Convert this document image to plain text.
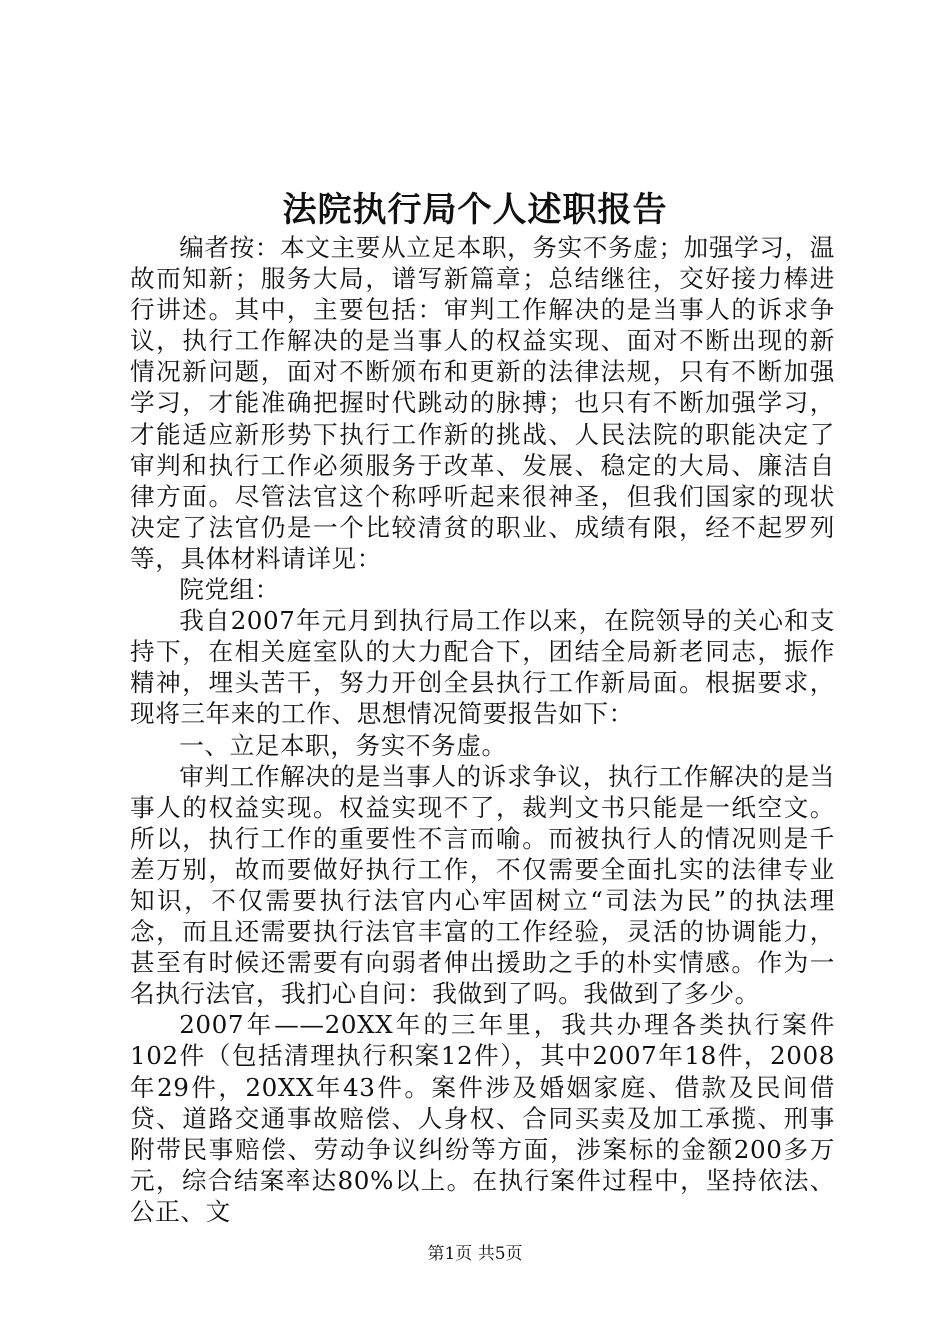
法院执行局个人述职报告

编者按：本文主要从立足本职，务实不务虚；加强学习，温故而知新；服务大局，谱写新篇章；总结继往，交好接力棒进行讲述。其中，主要包括：审判工作解决的是当事人的诉求争议，执行工作解决的是当事人的权益实现、面对不断出现的新情况新问题，面对不断颁布和更新的法律法规，只有不断加强学习，才能准确把握时代跳动的脉搏；也只有不断加强学习，才能适应新形势下执行工作新的挑战、人民法院的职能决定了审判和执行工作必须服务于改革、发展、稳定的大局、廉洁自律方面。尽管法官这个称呼听起来很神圣，但我们国家的现状决定了法官仍是一个比较清贫的职业、成绩有限，经不起罗列等，具体材料请详见：

院党组：

我自2007年元月到执行局工作以来，在院领导的关心和支持下，在相关庭室队的大力配合下，团结全局新老同志，振作精神，埋头苦干，努力开创全县执行工作新局面。根据要求，现将三年来的工作、思想情况简要报告如下：

一、立足本职，务实不务虚。

审判工作解决的是当事人的诉求争议，执行工作解决的是当事人的权益实现。权益实现不了，裁判文书只能是一纸空文。所以，执行工作的重要性不言而喻。而被执行人的情况则是千差万别，故而要做好执行工作，不仅需要全面扎实的法律专业知识，不仅需要执行法官内心牢固树立“司法为民”的执法理念，而且还需要执行法官丰富的工作经验，灵活的协调能力，甚至有时候还需要有向弱者伸出援助之手的朴实情感。作为一名执行法官，我扪心自问：我做到了吗。我做到了多少。

2007年——20XX年的三年里，我共办理各类执行案件102件（包括清理执行积案12件），其中2007年18件，2008年29件，20XX年43件。案件涉及婚姻家庭、借款及民间借贷、道路交通事故赔偿、人身权、合同买卖及加工承揽、刑事附带民事赔偿、劳动争议纠纷等方面，涉案标的金额200多万元，综合结案率达80%以上。在执行案件过程中，坚持依法、公正、文

第1页 共5页
